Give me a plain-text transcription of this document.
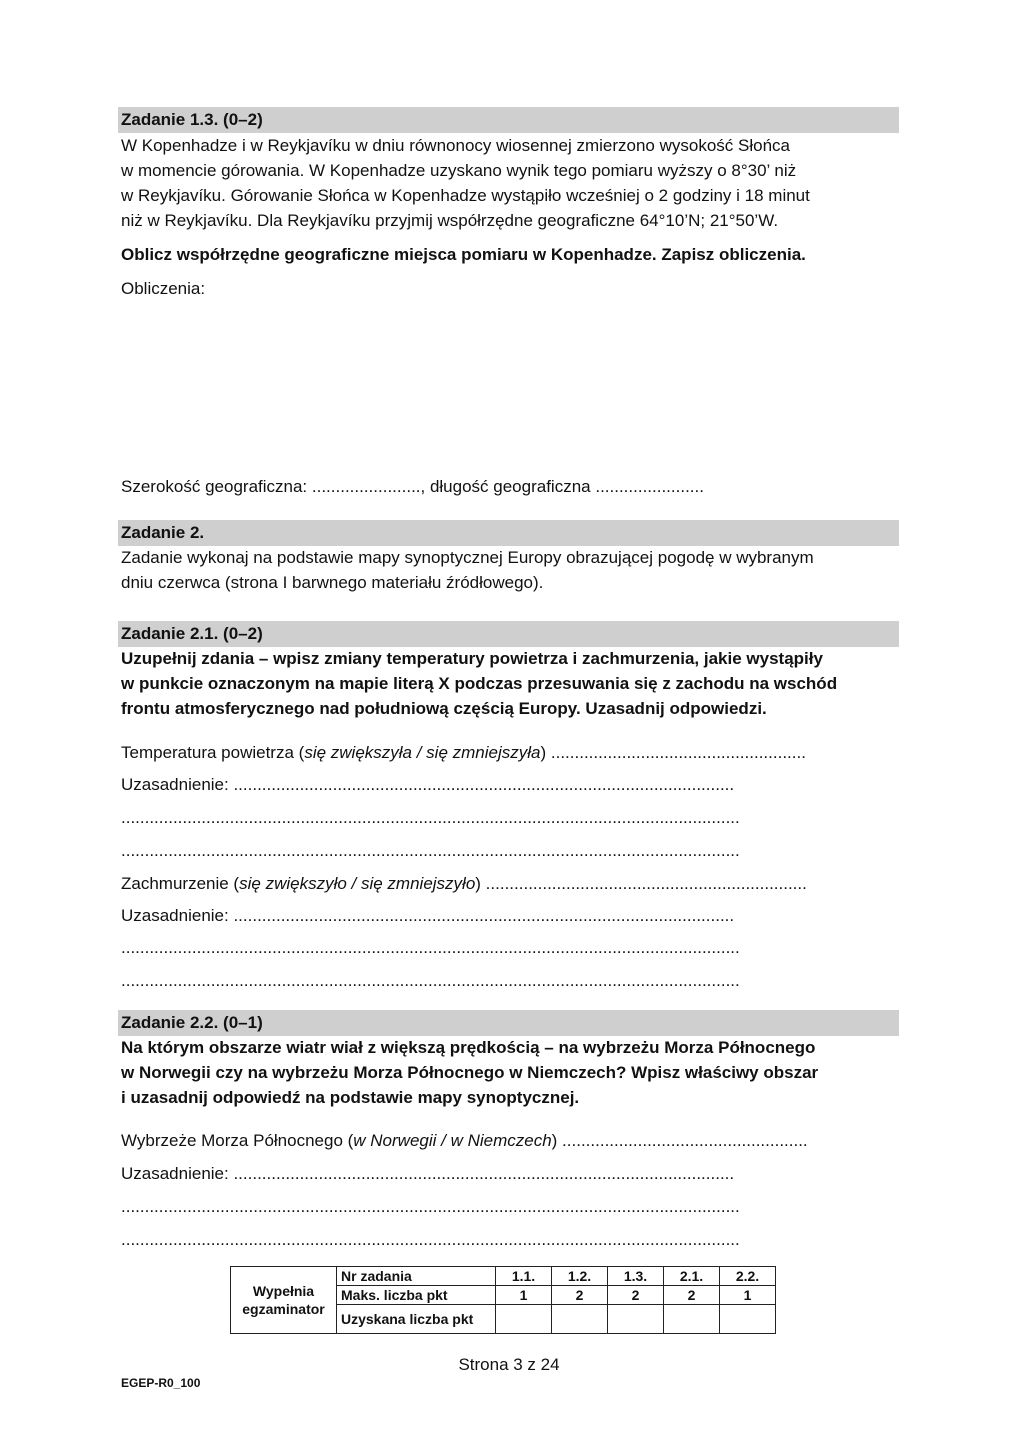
Zadanie 1.3. (0–2)
W Kopenhadze i w Reykjavíku w dniu równonocy wiosennej zmierzono wysokość Słońca
w momencie górowania. W Kopenhadze uzyskano wynik tego pomiaru wyższy o 8°30’ niż
w Reykjavíku. Górowanie Słońca w Kopenhadze wystąpiło wcześniej o 2 godziny i 18 minut
niż w Reykjavíku. Dla Reykjavíku przyjmij współrzędne geograficzne 64°10’N; 21°50’W.
Oblicz współrzędne geograficzne miejsca pomiaru w Kopenhadze. Zapisz obliczenia.
Obliczenia:
Szerokość geograficzna: ......................., długość geograficzna .......................
Zadanie 2.
Zadanie wykonaj na podstawie mapy synoptycznej Europy obrazującej pogodę w wybranym
dniu czerwca (strona I barwnego materiału źródłowego).
Zadanie 2.1. (0–2)
Uzupełnij zdania – wpisz zmiany temperatury powietrza i zachmurzenia, jakie wystąpiły
w punkcie oznaczonym na mapie literą X podczas przesuwania się z zachodu na wschód
frontu atmosferycznego nad południową częścią Europy. Uzasadnij odpowiedzi.
Temperatura powietrza (się zwiększyła / się zmniejszyła) ......................................................
Uzasadnienie: ..........................................................................................................
...................................................................................................................................
...................................................................................................................................
Zachmurzenie (się zwiększyło / się zmniejszyło) ....................................................................
Uzasadnienie: ..........................................................................................................
...................................................................................................................................
...................................................................................................................................
Zadanie 2.2. (0–1)
Na którym obszarze wiatr wiał z większą prędkością – na wybrzeżu Morza Północnego
w Norwegii czy na wybrzeżu Morza Północnego w Niemczech? Wpisz właściwy obszar
i uzasadnij odpowiedź na podstawie mapy synoptycznej.
Wybrzeże Morza Północnego (w Norwegii / w Niemczech) ....................................................
Uzasadnienie: ..........................................................................................................
...................................................................................................................................
...................................................................................................................................
Wypełnia
egzaminator	Nr zadania	1.1.	1.2.	1.3.	2.1.	2.2.
	Maks. liczba pkt	1	2	2	2	1
	Uzyskana liczba pkt					
Strona 3 z 24
EGEP-R0_100
